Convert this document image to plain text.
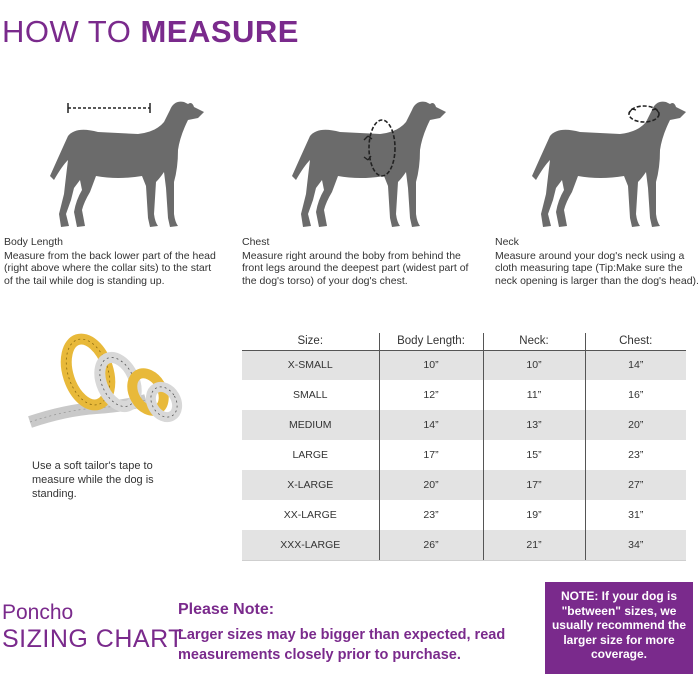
HOW TO MEASURE
Body Length
Measure from the back lower part of the head (right above where the collar sits) to the start of the tail while dog is standing up.
Chest
Measure right around the boby from behind the front legs around the deepest part (widest part of the dog's torso) of your dog's chest.
Neck
Measure around your dog's neck using a cloth measuring tape (Tip:Make sure the neck opening is larger than the dog's head).
Use a soft tailor's tape to measure while the dog is standing.
Size:	Body Length:	Neck:	Chest:
X-SMALL	10”	10”	14”
SMALL	12”	11”	16”
MEDIUM	14”	13”	20”
LARGE	17”	15”	23”
X-LARGE	20”	17”	27”
XX-LARGE	23”	19”	31”
XXX-LARGE	26”	21”	34”
Poncho
SIZING CHART
Please Note:
Larger sizes may be bigger than expected, read measurements closely prior to purchase.
NOTE: If your dog is "between" sizes, we usually recommend the larger size for more coverage.
